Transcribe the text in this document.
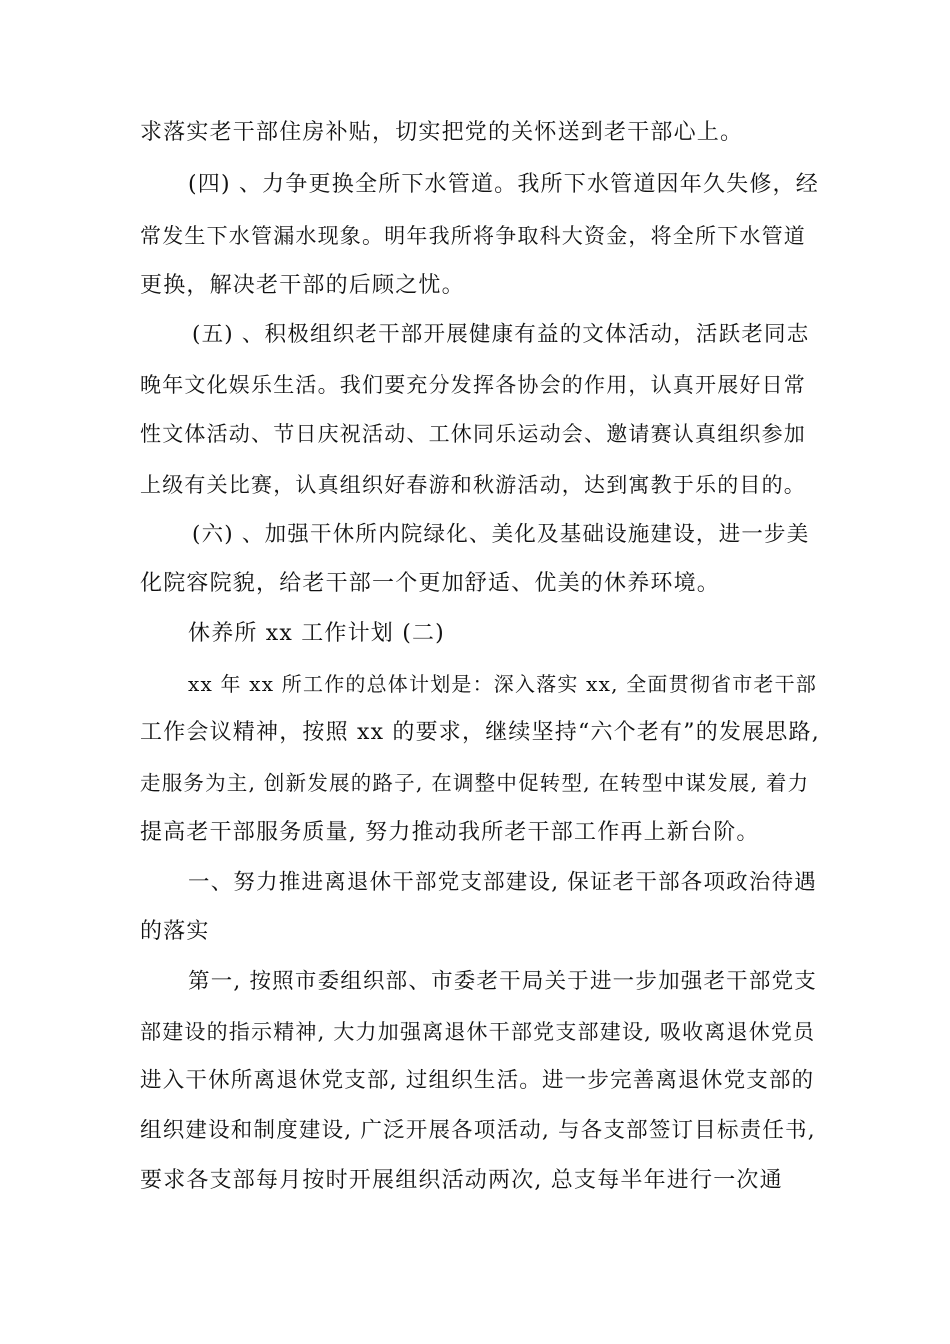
求落实老干部住房补贴，切实把党的关怀送到老干部心上。
(四) 、力争更换全所下水管道。我所下水管道因年久失修，经
常发生下水管漏水现象。明年我所将争取科大资金，将全所下水管道
更换，解决老干部的后顾之忧。
(五) 、积极组织老干部开展健康有益的文体活动，活跃老同志
晚年文化娱乐生活。我们要充分发挥各协会的作用，认真开展好日常
性文体活动、节日庆祝活动、工休同乐运动会、邀请赛认真组织参加
上级有关比赛，认真组织好春游和秋游活动，达到寓教于乐的目的。
(六) 、加强干休所内院绿化、美化及基础设施建设，进一步美
化院容院貌，给老干部一个更加舒适、优美的休养环境。
休养所 xx 工作计划 (二)
xx 年 xx 所工作的总体计划是：深入落实 xx, 全面贯彻省市老干部
工作会议精神，按照 xx 的要求，继续坚持“六个老有”的发展思路,
走服务为主, 创新发展的路子, 在调整中促转型, 在转型中谋发展, 着力
提高老干部服务质量, 努力推动我所老干部工作再上新台阶。
一、努力推进离退休干部党支部建设, 保证老干部各项政治待遇
的落实
第一, 按照市委组织部、市委老干局关于进一步加强老干部党支
部建设的指示精神, 大力加强离退休干部党支部建设, 吸收离退休党员
进入干休所离退休党支部, 过组织生活。进一步完善离退休党支部的
组织建设和制度建设, 广泛开展各项活动, 与各支部签订目标责任书,
要求各支部每月按时开展组织活动两次, 总支每半年进行一次通
